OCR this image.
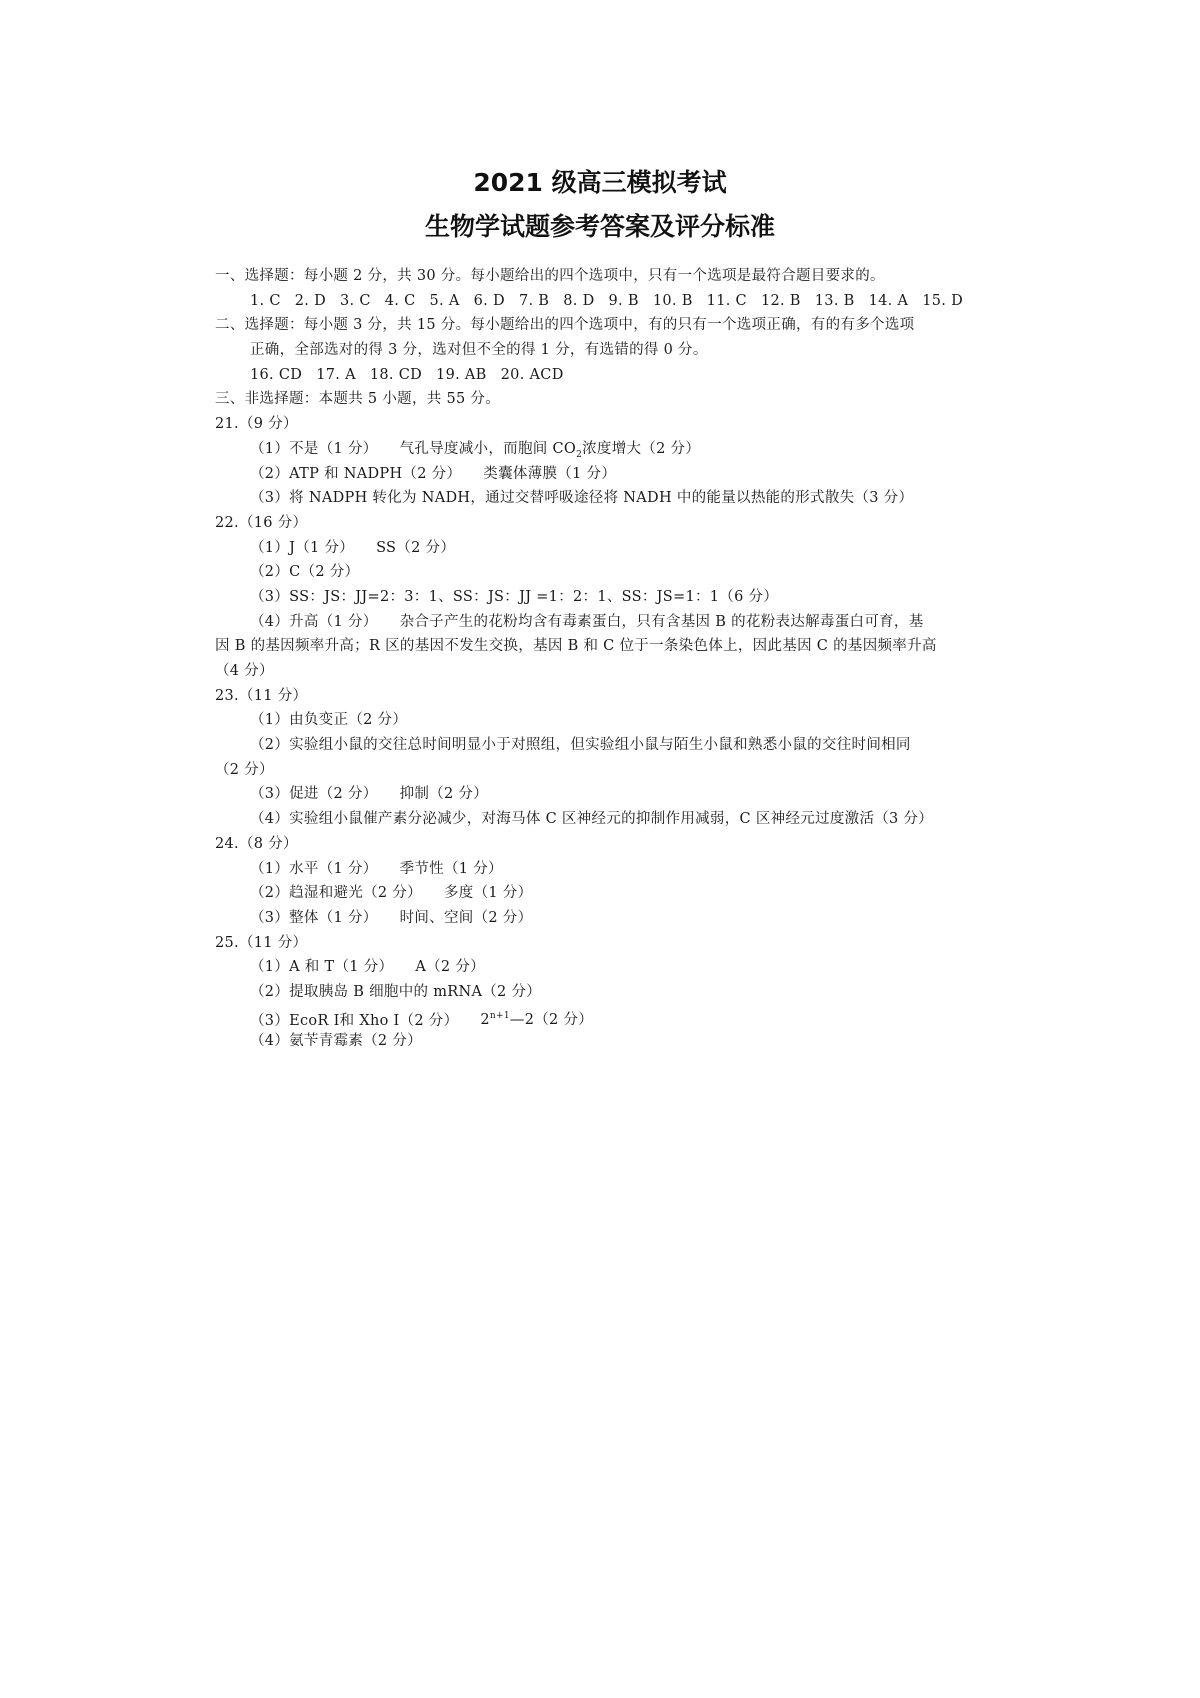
2021 级高三模拟考试
生物学试题参考答案及评分标准
一、选择题：每小题 2 分，共 30 分。每小题给出的四个选项中，只有一个选项是最符合题目要求的。
1. C 2. D 3. C 4. C 5. A 6. D 7. B 8. D 9. B 10. B 11. C 12. B 13. B 14. A 15. D
二、选择题：每小题 3 分，共 15 分。每小题给出的四个选项中，有的只有一个选项正确，有的有多个选项
正确，全部选对的得 3 分，选对但不全的得 1 分，有选错的得 0 分。
16. CD 17. A 18. CD 19. AB 20. ACD
三、非选择题：本题共 5 小题，共 55 分。
21.（9 分）
（1）不是（1 分） 气孔导度减小，而胞间 $CO_2$浓度增大（2 分）
（2）ATP 和 NADPH（2 分） 类囊体薄膜（1 分）
（3）将 NADPH 转化为 NADH，通过交替呼吸途径将 NADH 中的能量以热能的形式散失（3 分）
22.（16 分）
（1）J（1 分） SS（2 分）
（2）C（2 分）
（3）SS：JS：JJ=2：3：1、SS：JS：JJ =1：2：1、SS：JS=1：1（6 分）
（4）升高（1 分） 杂合子产生的花粉均含有毒素蛋白，只有含基因 B 的花粉表达解毒蛋白可育，基
因 B 的基因频率升高；R 区的基因不发生交换，基因 B 和 C 位于一条染色体上，因此基因 C 的基因频率升高
（4 分）
23.（11 分）
（1）由负变正（2 分）
（2）实验组小鼠的交往总时间明显小于对照组，但实验组小鼠与陌生小鼠和熟悉小鼠的交往时间相同
（2 分）
（3）促进（2 分） 抑制（2 分）
（4）实验组小鼠催产素分泌减少，对海马体 C 区神经元的抑制作用减弱，C 区神经元过度激活（3 分）
24.（8 分）
（1）水平（1 分） 季节性（1 分）
（2）趋湿和避光（2 分） 多度（1 分）
（3）整体（1 分） 时间、空间（2 分）
25.（11 分）
（1）A 和 T（1 分） A（2 分）
（2）提取胰岛 B 细胞中的 mRNA（2 分）
（3）EcoR Ⅰ和 Xho Ⅰ（2 分） $2^{n+1}—2(2$ 分）
（4）氨苄青霉素（2 分）
